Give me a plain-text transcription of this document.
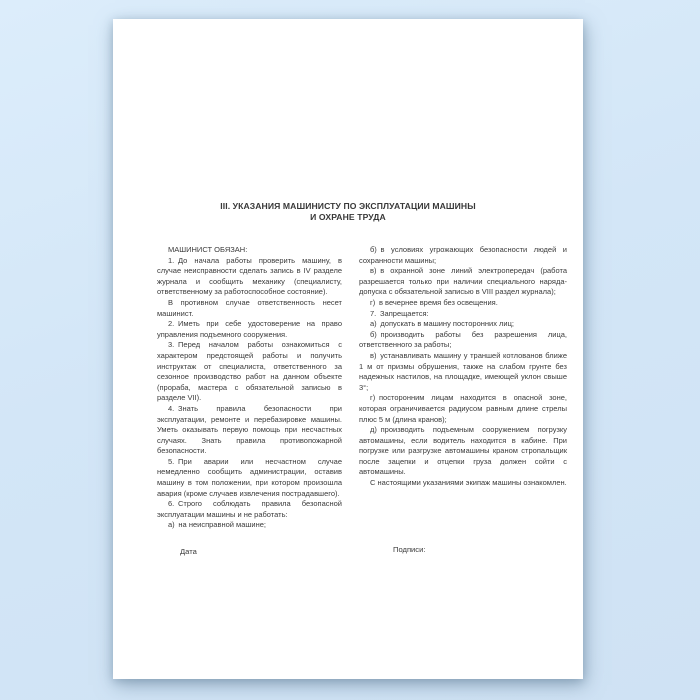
III. УКАЗАНИЯ МАШИНИСТУ ПО ЭКСПЛУАТАЦИИ МАШИНЫ
И ОХРАНЕ ТРУДА

МАШИНИСТ ОБЯЗАН:

1. До начала работы проверить машину, в случае неисправности сделать запись в IV разделе журнала и сообщить механику (специалисту, ответственному за работоспособное состояние).

В противном случае ответственность несет машинист.

2. Иметь при себе удостоверение на право управления подъемного сооружения.

3. Перед началом работы ознакомиться с характером предстоящей работы и получить инструктаж от специалиста, ответственного за сезонное производство работ на данном объекте (прораба, мастера с обязательной записью в разделе VII).

4. Знать правила безопасности при эксплуатации, ремонте и перебазировке машины. Уметь оказывать первую помощь при несчастных случаях. Знать правила противопожарной безопасности.

5. При аварии или несчастном случае немедленно сообщить администрации, оставив машину в том положении, при котором произошла авария (кроме случаев извлечения пострадавшего).

6. Строго соблюдать правила безопасной эксплуатации машины и не работать:

а) на неисправной машине;

б) в условиях угрожающих безопасности людей и сохранности машины;

в) в охранной зоне линий электропередач (работа разрешается только при наличии специального наряда-допуска с обязательной записью в VIII раздел журнала);

г) в вечернее время без освещения.

7. Запрещается:

а) допускать в машину посторонних лиц;

б) производить работы без разрешения лица, ответственного за работы;

в) устанавливать машину у траншей котлованов ближе 1 м от призмы обрушения, также на слабом грунте без надежных настилов, на площадке, имеющей уклон свыше 3°;

г) посторонним лицам находится в опасной зоне, которая ограничивается радиусом равным длине стрелы плюс 5 м (длина кранов);

д) производить подъемным сооружением погрузку автомашины, если водитель находится в кабине. При погрузке или разгрузке автомашины краном стропальщик после зацепки и отцепки груза должен сойти с автомашины.

С настоящими указаниями экипаж машины ознакомлен.

Дата	Подписи:
